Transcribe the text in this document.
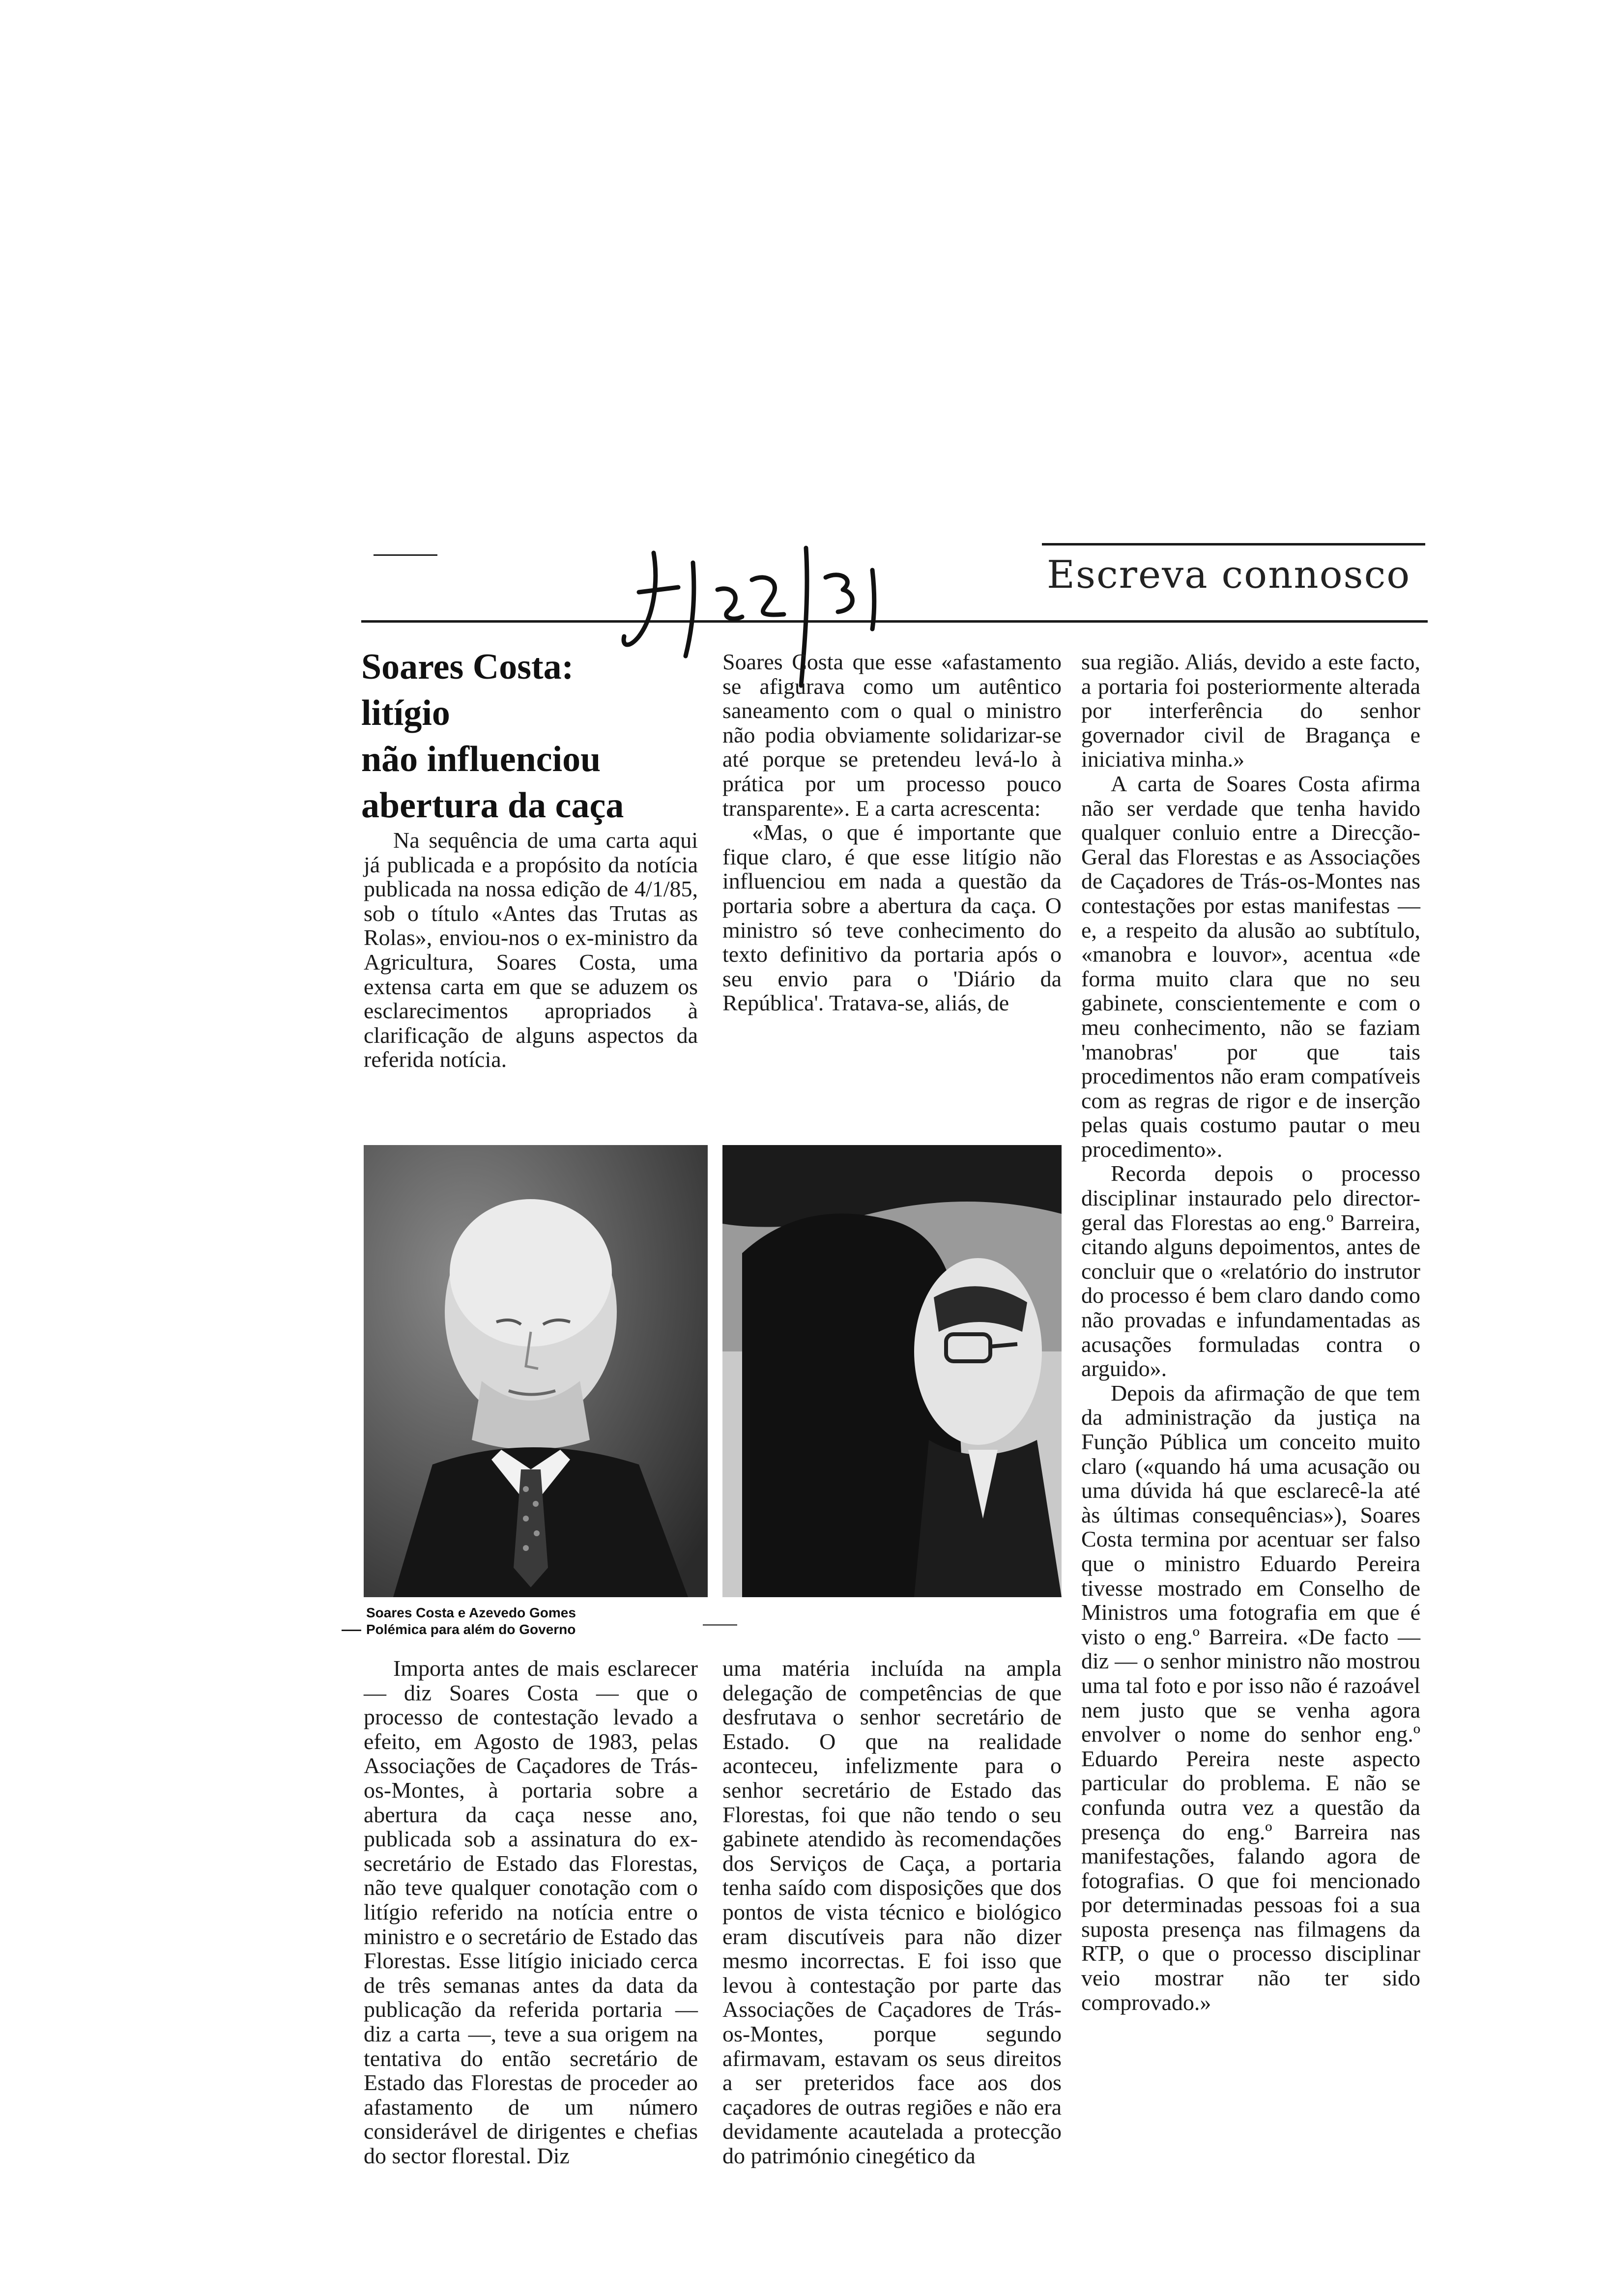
Escreva connosco
Soares Costa:
litígio
não influenciou
abertura da caça

Na sequência de uma carta aqui já publicada e a propósito da notícia publicada na nossa edição de 4/1/85, sob o título «Antes das Trutas as Rolas», enviou-nos o ex-ministro da Agricultura, Soares Costa, uma extensa carta em que se aduzem os esclarecimentos apropriados à clarificação de alguns aspectos da referida notícia.

Soares Costa que esse «afastamento se afigurava como um autêntico saneamento com o qual o ministro não podia obviamente solidarizar-se até porque se pretendeu levá-lo à prática por um processo pouco transparente». E a carta acrescenta:

«Mas, o que é importante que fique claro, é que esse litígio não influenciou em nada a questão da portaria sobre a abertura da caça. O ministro só teve conhecimento do texto definitivo da portaria após o seu envio para o 'Diário da República'. Tratava-se, aliás, de

sua região. Aliás, devido a este facto, a portaria foi posteriormente alterada por interferência do senhor governador civil de Bragança e iniciativa minha.»

A carta de Soares Costa afirma não ser verdade que tenha havido qualquer conluio entre a Direcção-Geral das Florestas e as Associações de Caçadores de Trás-os-Montes nas contestações por estas manifestas — e, a respeito da alusão ao subtítulo, «manobra e louvor», acentua «de forma muito clara que no seu gabinete, conscientemente e com o meu conhecimento, não se faziam 'manobras' por que tais procedimentos não eram compatíveis com as regras de rigor e de inserção pelas quais costumo pautar o meu procedimento».

Recorda depois o processo disciplinar instaurado pelo director-geral das Florestas ao eng.º Barreira, citando alguns depoimentos, antes de concluir que o «relatório do instrutor do processo é bem claro dando como não provadas e infundamentadas as acusações formuladas contra o arguido».

Depois da afirmação de que tem da administração da justiça na Função Pública um conceito muito claro («quando há uma acusação ou uma dúvida há que esclarecê-la até às últimas consequências»), Soares Costa termina por acentuar ser falso que o ministro Eduardo Pereira tivesse mostrado em Conselho de Ministros uma fotografia em que é visto o eng.º Barreira. «De facto — diz — o senhor ministro não mostrou uma tal foto e por isso não é razoável nem justo que se venha agora envolver o nome do senhor eng.º Eduardo Pereira neste aspecto particular do problema. E não se confunda outra vez a questão da presença do eng.º Barreira nas manifestações, falando agora de fotografias. O que foi mencionado por determinadas pessoas foi a sua suposta presença nas filmagens da RTP, o que o processo disciplinar veio mostrar não ter sido comprovado.»

Soares Costa e Azevedo Gomes
Polémica para além do Governo

Importa antes de mais esclarecer — diz Soares Costa — que o processo de contestação levado a efeito, em Agosto de 1983, pelas Associações de Caçadores de Trás-os-Montes, à portaria sobre a abertura da caça nesse ano, publicada sob a assinatura do ex-secretário de Estado das Florestas, não teve qualquer conotação com o litígio referido na notícia entre o ministro e o secretário de Estado das Florestas. Esse litígio iniciado cerca de três semanas antes da data da publicação da referida portaria — diz a carta —, teve a sua origem na tentativa do então secretário de Estado das Florestas de proceder ao afastamento de um número considerável de dirigentes e chefias do sector florestal. Diz

uma matéria incluída na ampla delegação de competências de que desfrutava o senhor secretário de Estado. O que na realidade aconteceu, infelizmente para o senhor secretário de Estado das Florestas, foi que não tendo o seu gabinete atendido às recomendações dos Serviços de Caça, a portaria tenha saído com disposições que dos pontos de vista técnico e biológico eram discutíveis para não dizer mesmo incorrectas. E foi isso que levou à contestação por parte das Associações de Caçadores de Trás-os-Montes, porque segundo afirmavam, estavam os seus direitos a ser preteridos face aos dos caçadores de outras regiões e não era devidamente acautelada a protecção do património cinegético da
